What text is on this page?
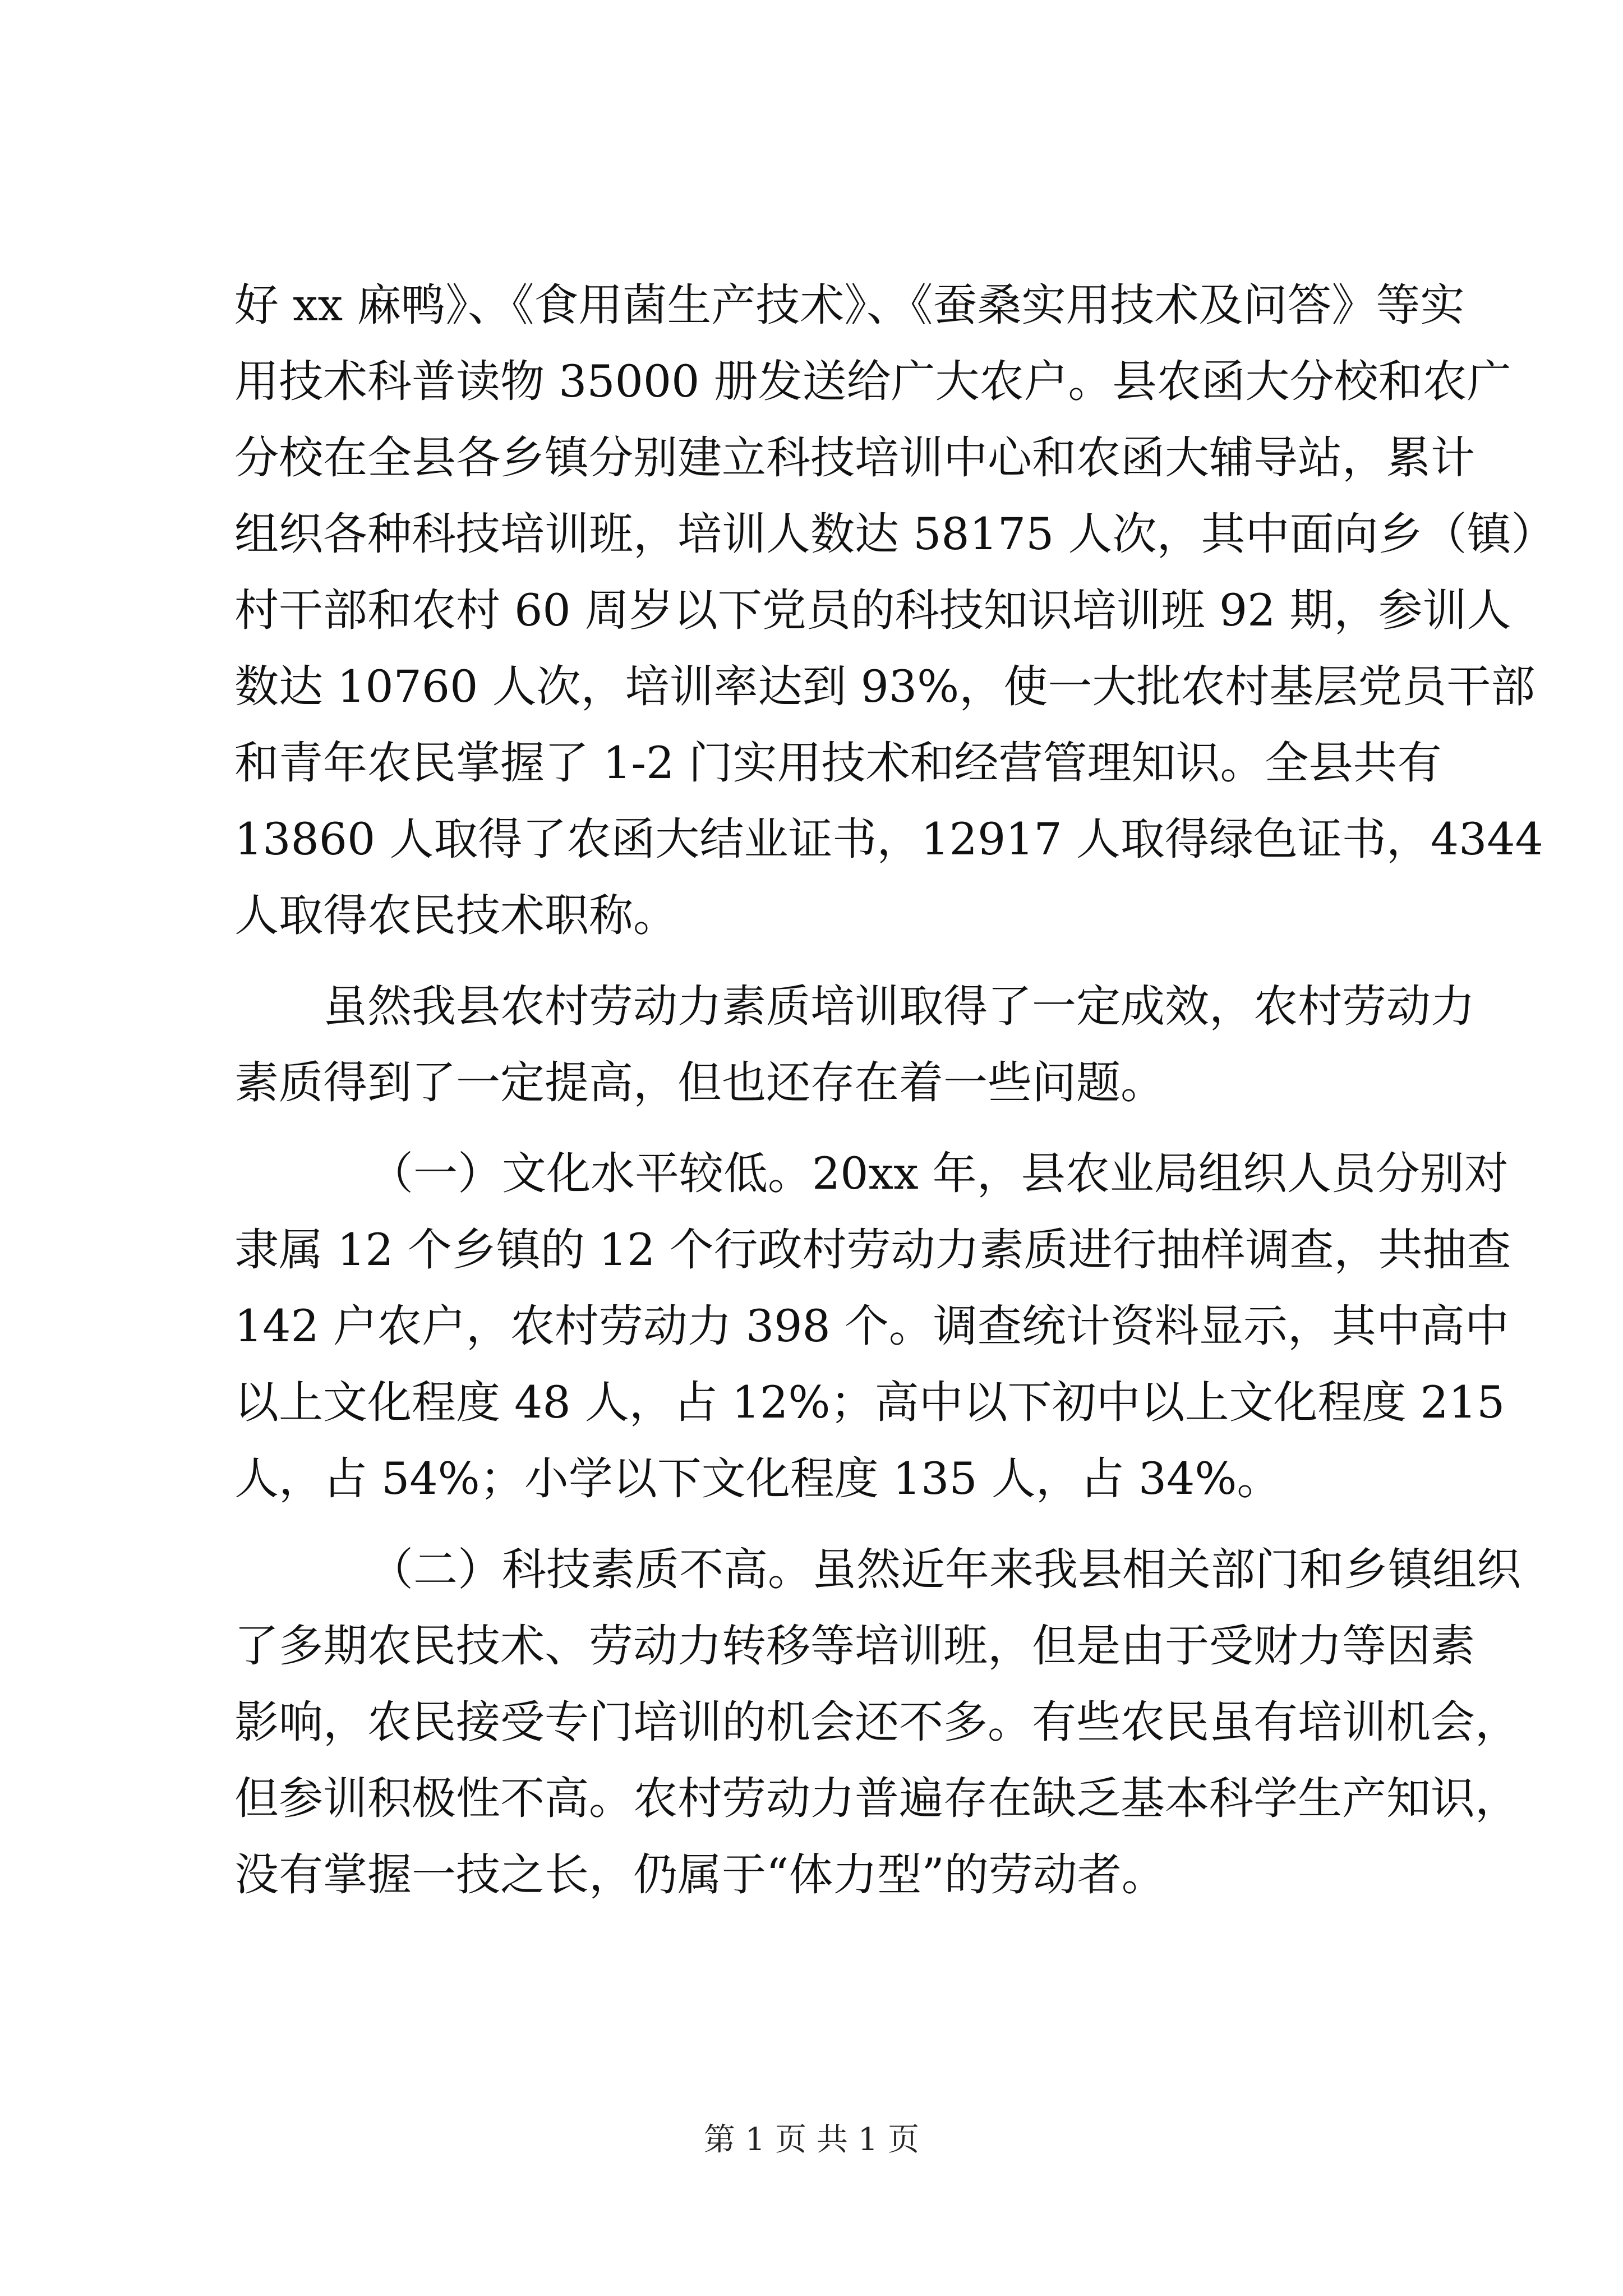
好 xx 麻鸭》、《食用菌生产技术》、《蚕桑实用技术及问答》等实
用技术科普读物 35000 册发送给广大农户。县农函大分校和农广
分校在全县各乡镇分别建立科技培训中心和农函大辅导站，累计
组织各种科技培训班，培训人数达 58175 人次，其中面向乡（镇）
村干部和农村 60 周岁以下党员的科技知识培训班 92 期，参训人
数达 10760 人次，培训率达到 93%，使一大批农村基层党员干部
和青年农民掌握了 1-2 门实用技术和经营管理知识。全县共有
13860 人取得了农函大结业证书，12917 人取得绿色证书，4344
人取得农民技术职称。
虽然我县农村劳动力素质培训取得了一定成效，农村劳动力
素质得到了一定提高，但也还存在着一些问题。
（一）文化水平较低。20xx 年，县农业局组织人员分别对
隶属 12 个乡镇的 12 个行政村劳动力素质进行抽样调查，共抽查
142 户农户，农村劳动力 398 个。调查统计资料显示，其中高中
以上文化程度 48 人，占 12%；高中以下初中以上文化程度 215
人，占 54%；小学以下文化程度 135 人，占 34%。
（二）科技素质不高。虽然近年来我县相关部门和乡镇组织
了多期农民技术、劳动力转移等培训班，但是由于受财力等因素
影响，农民接受专门培训的机会还不多。有些农民虽有培训机会，
但参训积极性不高。农村劳动力普遍存在缺乏基本科学生产知识，
没有掌握一技之长，仍属于“体力型”的劳动者。
第 1 页 共 1 页
